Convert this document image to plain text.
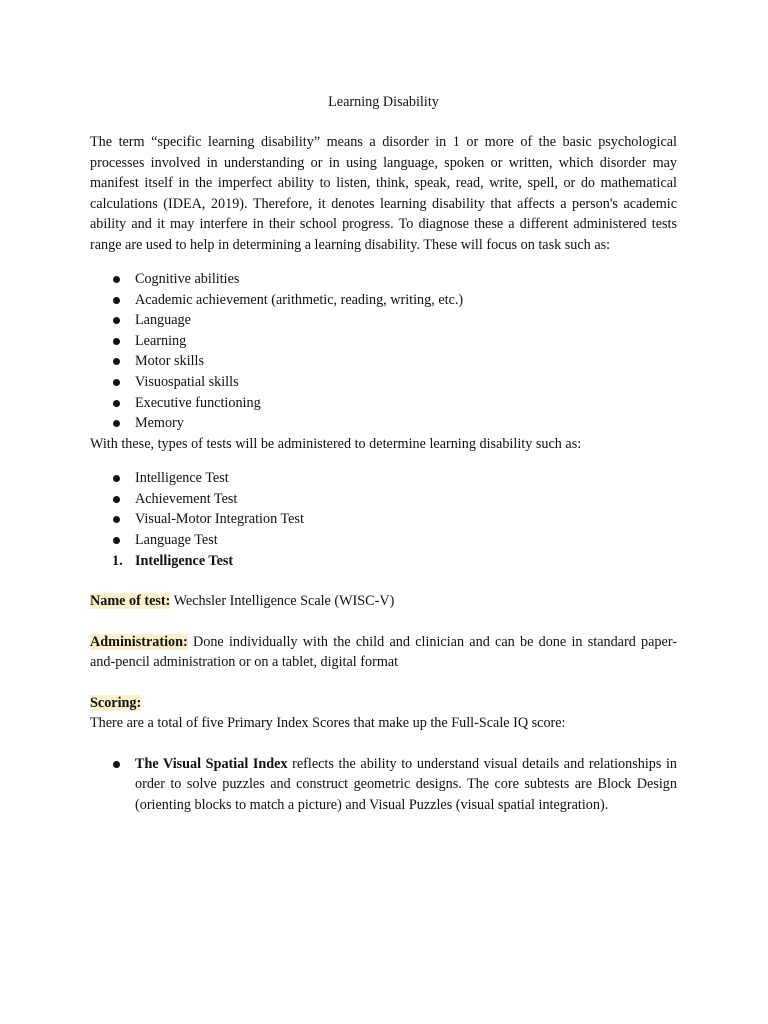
Learning Disability

The term “specific learning disability” means a disorder in 1 or more of the basic psychological processes involved in understanding or in using language, spoken or written, which disorder may manifest itself in the imperfect ability to listen, think, speak, read, write, spell, or do mathematical calculations (IDEA, 2019). Therefore, it denotes learning disability that affects a person's academic ability and it may interfere in their school progress. To diagnose these a different administered tests range are used to help in determining a learning disability. These will focus on task such as:

Cognitive abilities
Academic achievement (arithmetic, reading, writing, etc.)
Language
Learning
Motor skills
Visuospatial skills
Executive functioning
Memory

With these, types of tests will be administered to determine learning disability such as:

Intelligence Test
Achievement Test
Visual-Motor Integration Test
Language Test
1. Intelligence Test

Name of test: Wechsler Intelligence Scale (WISC-V)

Administration: Done individually with the child and clinician and can be done in standard paper-and-pencil administration or on a tablet, digital format

Scoring:

There are a total of five Primary Index Scores that make up the Full-Scale IQ score:

The Visual Spatial Index reflects the ability to understand visual details and relationships in order to solve puzzles and construct geometric designs. The core subtests are Block Design (orienting blocks to match a picture) and Visual Puzzles (visual spatial integration).
